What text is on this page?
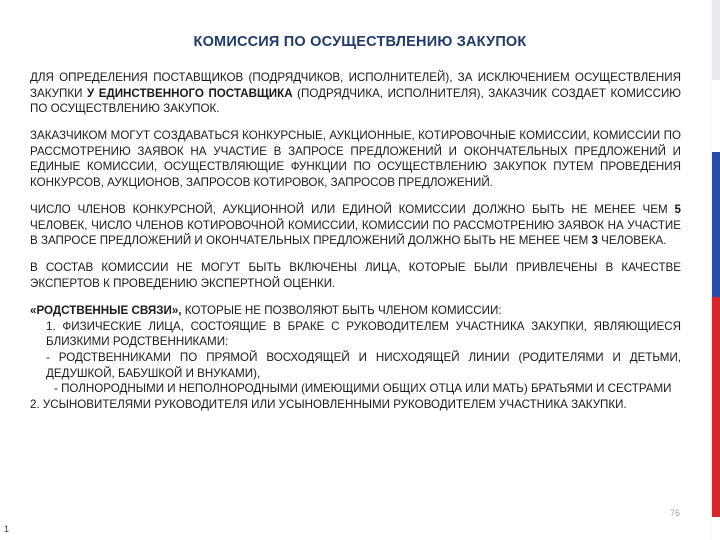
КОМИССИЯ ПО ОСУЩЕСТВЛЕНИЮ ЗАКУПОК

ДЛЯ ОПРЕДЕЛЕНИЯ ПОСТАВЩИКОВ (ПОДРЯДЧИКОВ, ИСПОЛНИТЕЛЕЙ), ЗА ИСКЛЮЧЕНИЕМ ОСУЩЕСТВЛЕНИЯ ЗАКУПКИ У ЕДИНСТВЕННОГО ПОСТАВЩИКА (ПОДРЯДЧИКА, ИСПОЛНИТЕЛЯ), ЗАКАЗЧИК СОЗДАЕТ КОМИССИЮ ПО ОСУЩЕСТВЛЕНИЮ ЗАКУПОК.

ЗАКАЗЧИКОМ МОГУТ СОЗДАВАТЬСЯ КОНКУРСНЫЕ, АУКЦИОННЫЕ, КОТИРОВОЧНЫЕ КОМИССИИ, КОМИССИИ ПО РАССМОТРЕНИЮ ЗАЯВОК НА УЧАСТИЕ В ЗАПРОСЕ ПРЕДЛОЖЕНИЙ И ОКОНЧАТЕЛЬНЫХ ПРЕДЛОЖЕНИЙ И ЕДИНЫЕ КОМИССИИ, ОСУЩЕСТВЛЯЮЩИЕ ФУНКЦИИ ПО ОСУЩЕСТВЛЕНИЮ ЗАКУПОК ПУТЕМ ПРОВЕДЕНИЯ КОНКУРСОВ, АУКЦИОНОВ, ЗАПРОСОВ КОТИРОВОК, ЗАПРОСОВ ПРЕДЛОЖЕНИЙ.

ЧИСЛО ЧЛЕНОВ КОНКУРСНОЙ, АУКЦИОННОЙ ИЛИ ЕДИНОЙ КОМИССИИ ДОЛЖНО БЫТЬ НЕ МЕНЕЕ ЧЕМ 5 ЧЕЛОВЕК, ЧИСЛО ЧЛЕНОВ КОТИРОВОЧНОЙ КОМИССИИ, КОМИССИИ ПО РАССМОТРЕНИЮ ЗАЯВОК НА УЧАСТИЕ В ЗАПРОСЕ ПРЕДЛОЖЕНИЙ И ОКОНЧАТЕЛЬНЫХ ПРЕДЛОЖЕНИЙ ДОЛЖНО БЫТЬ НЕ МЕНЕЕ ЧЕМ 3 ЧЕЛОВЕКА.

В СОСТАВ КОМИССИИ НЕ МОГУТ БЫТЬ ВКЛЮЧЕНЫ ЛИЦА, КОТОРЫЕ БЫЛИ ПРИВЛЕЧЕНЫ В КАЧЕСТВЕ ЭКСПЕРТОВ К ПРОВЕДЕНИЮ ЭКСПЕРТНОЙ ОЦЕНКИ.

«РОДСТВЕННЫЕ СВЯЗИ», КОТОРЫЕ НЕ ПОЗВОЛЯЮТ БЫТЬ ЧЛЕНОМ КОМИССИИ:

1. ФИЗИЧЕСКИЕ ЛИЦА, СОСТОЯЩИЕ В БРАКЕ С РУКОВОДИТЕЛЕМ УЧАСТНИКА ЗАКУПКИ, ЯВЛЯЮЩИЕСЯ БЛИЗКИМИ РОДСТВЕННИКАМИ:

- РОДСТВЕННИКАМИ ПО ПРЯМОЙ ВОСХОДЯЩЕЙ И НИСХОДЯЩЕЙ ЛИНИИ (РОДИТЕЛЯМИ И ДЕТЬМИ, ДЕДУШКОЙ, БАБУШКОЙ И ВНУКАМИ),

- ПОЛНОРОДНЫМИ И НЕПОЛНОРОДНЫМИ (ИМЕЮЩИМИ ОБЩИХ ОТЦА ИЛИ МАТЬ) БРАТЬЯМИ И СЕСТРАМИ

2. УСЫНОВИТЕЛЯМИ РУКОВОДИТЕЛЯ ИЛИ УСЫНОВЛЕННЫМИ РУКОВОДИТЕЛЕМ УЧАСТНИКА ЗАКУПКИ.

76
1
